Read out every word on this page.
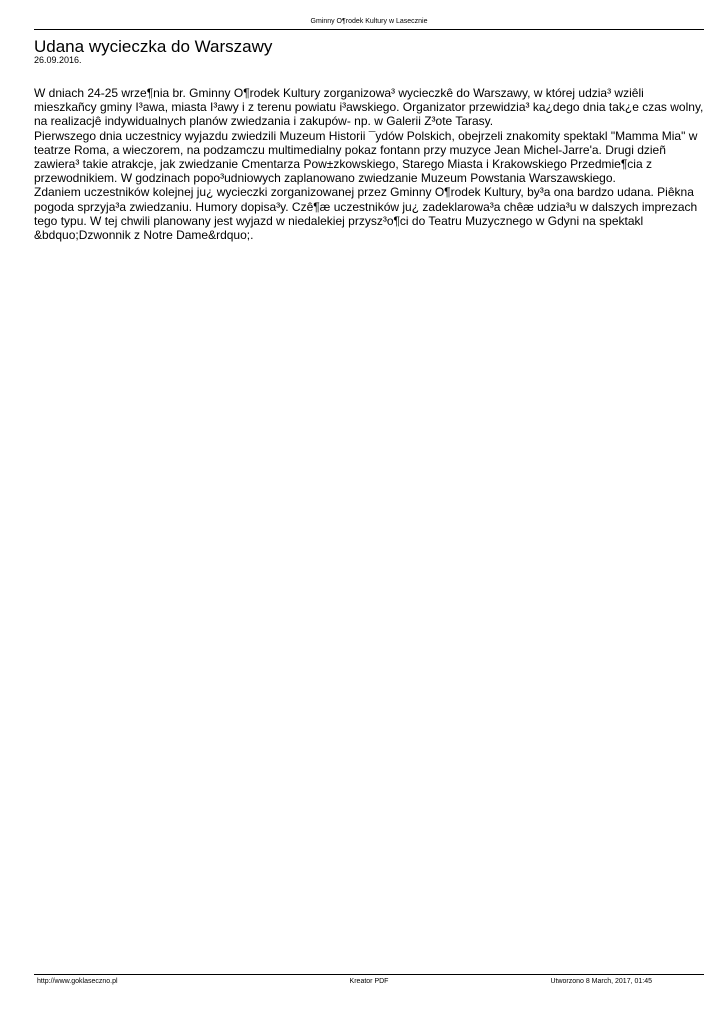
Gminny O¶rodek Kultury w Lasecznie
Udana wycieczka do Warszawy
26.09.2016.

W dniach 24-25 wrze¶nia br. Gminny O¶rodek Kultury zorganizowa³ wycieczkê do Warszawy, w której udzia³ wziêli mieszkañcy gminy I³awa, miasta I³awy i z terenu powiatu i³awskiego. Organizator przewidzia³ ka¿dego dnia tak¿e czas wolny, na realizacjê indywidualnych planów zwiedzania i zakupów- np. w Galerii Z³ote Tarasy.

Pierwszego dnia uczestnicy wyjazdu zwiedzili Muzeum Historii ¯ydów Polskich, obejrzeli znakomity spektakl "Mamma Mia" w teatrze Roma, a wieczorem, na podzamczu multimedialny pokaz fontann przy muzyce Jean Michel-Jarre'a. Drugi dzieñ zawiera³ takie atrakcje, jak zwiedzanie Cmentarza Pow±zkowskiego, Starego Miasta i Krakowskiego Przedmie¶cia z przewodnikiem. W godzinach popo³udniowych zaplanowano zwiedzanie Muzeum Powstania Warszawskiego.

Zdaniem uczestników kolejnej ju¿ wycieczki zorganizowanej przez Gminny O¶rodek Kultury, by³a ona bardzo udana. Piêkna pogoda sprzyja³a zwiedzaniu. Humory dopisa³y. Czê¶æ uczestników ju¿ zadeklarowa³a chêæ udzia³u w dalszych imprezach tego typu. W tej chwili planowany jest wyjazd w niedalekiej przysz³o¶ci do Teatru Muzycznego w Gdyni na spektakl &bdquo;Dzwonnik z Notre Dame&rdquo;.

http://www.goklaseczno.pl	Kreator PDF	Utworzono 8 March, 2017, 01:45
